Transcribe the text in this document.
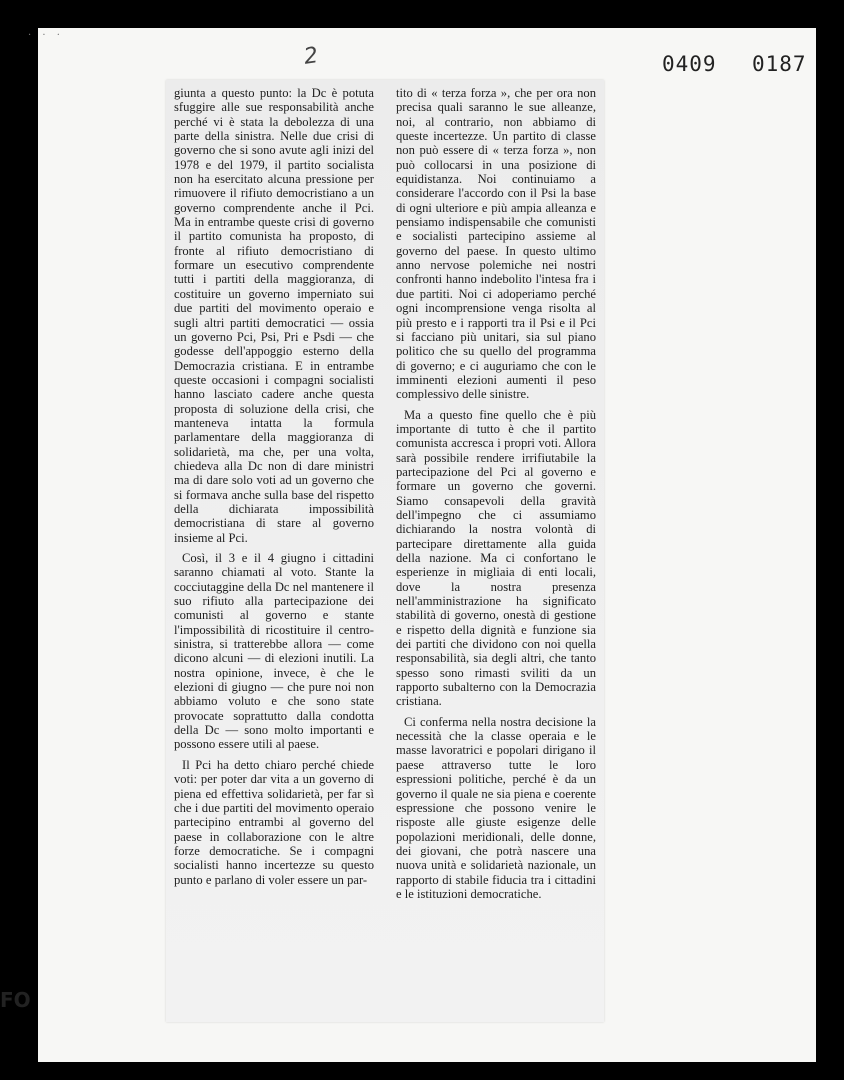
· · ·
2	0409 0187

giunta a questo punto: la Dc è potuta sfuggire alle sue responsabilità anche perché vi è stata la debolezza di una parte della sinistra. Nelle due crisi di governo che si sono avute agli inizi del 1978 e del 1979, il partito socialista non ha esercitato alcuna pressione per rimuovere il rifiuto democristiano a un governo comprendente anche il Pci. Ma in entrambe queste crisi di governo il partito comunista ha proposto, di fronte al rifiuto democristiano di formare un esecutivo comprendente tutti i partiti della maggioranza, di costituire un governo imperniato sui due partiti del movimento operaio e sugli altri partiti democratici — ossia un governo Pci, Psi, Pri e Psdi — che godesse dell'appoggio esterno della Democrazia cristiana. E in entrambe queste occasioni i compagni socialisti hanno lasciato cadere anche questa proposta di soluzione della crisi, che manteneva intatta la formula parlamentare della maggioranza di solidarietà, ma che, per una volta, chiedeva alla Dc non di dare ministri ma di dare solo voti ad un governo che si formava anche sulla base del rispetto della dichiarata impossibilità democristiana di stare al governo insieme al Pci.

Così, il 3 e il 4 giugno i cittadini saranno chiamati al voto. Stante la cocciutaggine della Dc nel mantenere il suo rifiuto alla partecipazione dei comunisti al governo e stante l'impossibilità di ricostituire il centro-sinistra, si tratterebbe allora — come dicono alcuni — di elezioni inutili. La nostra opinione, invece, è che le elezioni di giugno — che pure noi non abbiamo voluto e che sono state provocate soprattutto dalla condotta della Dc — sono molto importanti e possono essere utili al paese.

Il Pci ha detto chiaro perché chiede voti: per poter dar vita a un governo di piena ed effettiva solidarietà, per far sì che i due partiti del movimento operaio partecipino entrambi al governo del paese in collaborazione con le altre forze democratiche. Se i compagni socialisti hanno incertezze su questo punto e parlano di voler essere un par-

tito di « terza forza », che per ora non precisa quali saranno le sue alleanze, noi, al contrario, non abbiamo di queste incertezze. Un partito di classe non può essere di « terza forza », non può collocarsi in una posizione di equidistanza. Noi continuiamo a considerare l'accordo con il Psi la base di ogni ulteriore e più ampia alleanza e pensiamo indispensabile che comunisti e socialisti partecipino assieme al governo del paese. In questo ultimo anno nervose polemiche nei nostri confronti hanno indebolito l'intesa fra i due partiti. Noi ci adoperiamo perché ogni incomprensione venga risolta al più presto e i rapporti tra il Psi e il Pci si facciano più unitari, sia sul piano politico che su quello del programma di governo; e ci auguriamo che con le imminenti elezioni aumenti il peso complessivo delle sinistre.

Ma a questo fine quello che è più importante di tutto è che il partito comunista accresca i propri voti. Allora sarà possibile rendere irrifiutabile la partecipazione del Pci al governo e formare un governo che governi. Siamo consapevoli della gravità dell'impegno che ci assumiamo dichiarando la nostra volontà di partecipare direttamente alla guida della nazione. Ma ci confortano le esperienze in migliaia di enti locali, dove la nostra presenza nell'amministrazione ha significato stabilità di governo, onestà di gestione e rispetto della dignità e funzione sia dei partiti che dividono con noi quella responsabilità, sia degli altri, che tanto spesso sono rimasti sviliti da un rapporto subalterno con la Democrazia cristiana.

Ci conferma nella nostra decisione la necessità che la classe operaia e le masse lavoratrici e popolari dirigano il paese attraverso tutte le loro espressioni politiche, perché è da un governo il quale ne sia piena e coerente espressione che possono venire le risposte alle giuste esigenze delle popolazioni meridionali, delle donne, dei giovani, che potrà nascere una nuova unità e solidarietà nazionale, un rapporto di stabile fiducia tra i cittadini e le istituzioni democratiche.

FO
